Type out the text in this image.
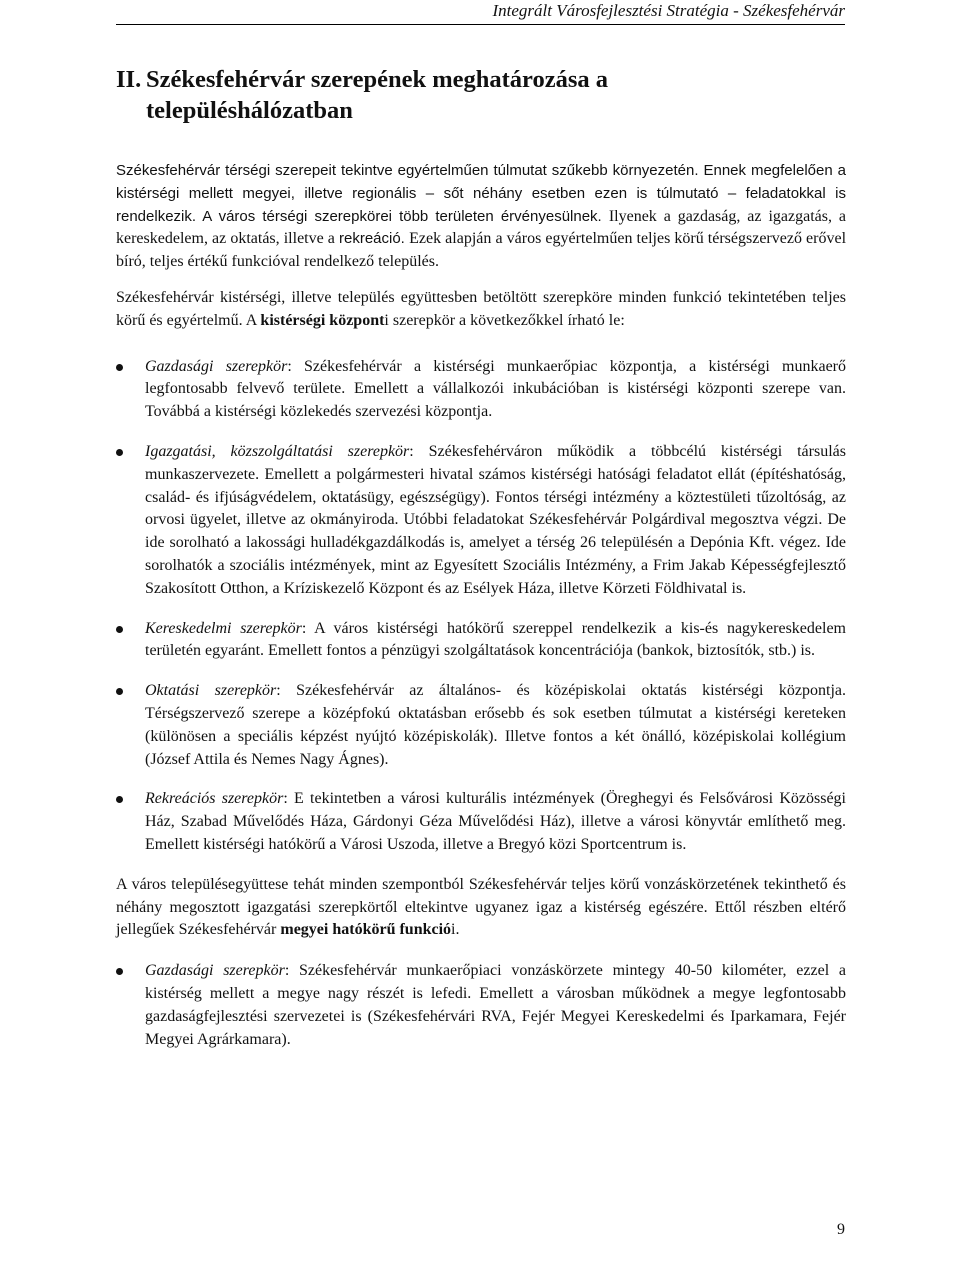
Integrált Városfejlesztési Stratégia - Székesfehérvár
II. Székesfehérvár szerepének meghatározása a
településhálózatban

Székesfehérvár térségi szerepeit tekintve egyértelműen túlmutat szűkebb környezetén. Ennek megfelelően a kistérségi mellett megyei, illetve regionális – sőt néhány esetben ezen is túlmutató – feladatokkal is rendelkezik. A város térségi szerepkörei több területen érvényesülnek. Ilyenek a gazdaság, az igazgatás, a kereskedelem, az oktatás, illetve a rekreáció. Ezek alapján a város egyértelműen teljes körű térségszervező erővel bíró, teljes értékű funkcióval rendelkező település.

Székesfehérvár kistérségi, illetve település együttesben betöltött szerepköre minden funkció tekintetében teljes körű és egyértelmű. A kistérségi központi szerepkör a következőkkel írható le:

Gazdasági szerepkör: Székesfehérvár a kistérségi munkaerőpiac központja, a kistérségi munkaerő legfontosabb felvevő területe. Emellett a vállalkozói inkubációban is kistérségi központi szerepe van. Továbbá a kistérségi közlekedés szervezési központja.

Igazgatási, közszolgáltatási szerepkör: Székesfehérváron működik a többcélú kistérségi társulás munkaszervezete. Emellett a polgármesteri hivatal számos kistérségi hatósági feladatot ellát (építéshatóság, család- és ifjúságvédelem, oktatásügy, egészségügy). Fontos térségi intézmény a köztestületi tűzoltóság, az orvosi ügyelet, illetve az okmányiroda. Utóbbi feladatokat Székesfehérvár Polgárdival megosztva végzi. De ide sorolható a lakossági hulladékgazdálkodás is, amelyet a térség 26 településén a Depónia Kft. végez. Ide sorolhatók a szociális intézmények, mint az Egyesített Szociális Intézmény, a Frim Jakab Képességfejlesztő Szakosított Otthon, a Kríziskezelő Központ és az Esélyek Háza, illetve Körzeti Földhivatal is.

Kereskedelmi szerepkör: A város kistérségi hatókörű szereppel rendelkezik a kis-és nagykereskedelem területén egyaránt. Emellett fontos a pénzügyi szolgáltatások koncentrációja (bankok, biztosítók, stb.) is.

Oktatási szerepkör: Székesfehérvár az általános- és középiskolai oktatás kistérségi központja. Térségszervező szerepe a középfokú oktatásban erősebb és sok esetben túlmutat a kistérségi kereteken (különösen a speciális képzést nyújtó középiskolák). Illetve fontos a két önálló, középiskolai kollégium (József Attila és Nemes Nagy Ágnes).

Rekreációs szerepkör: E tekintetben a városi kulturális intézmények (Öreghegyi és Felsővárosi Közösségi Ház, Szabad Művelődés Háza, Gárdonyi Géza Művelődési Ház), illetve a városi könyvtár említhető meg. Emellett kistérségi hatókörű a Városi Uszoda, illetve a Bregyó közi Sportcentrum is.

A város településegyüttese tehát minden szempontból Székesfehérvár teljes körű vonzáskörzetének tekinthető és néhány megosztott igazgatási szerepkörtől eltekintve ugyanez igaz a kistérség egészére. Ettől részben eltérő jellegűek Székesfehérvár megyei hatókörű funkciói.

Gazdasági szerepkör: Székesfehérvár munkaerőpiaci vonzáskörzete mintegy 40-50 kilométer, ezzel a kistérség mellett a megye nagy részét is lefedi. Emellett a városban működnek a megye legfontosabb gazdaságfejlesztési szervezetei is (Székesfehérvári RVA, Fejér Megyei Kereskedelmi és Iparkamara, Fejér Megyei Agrárkamara).

9
